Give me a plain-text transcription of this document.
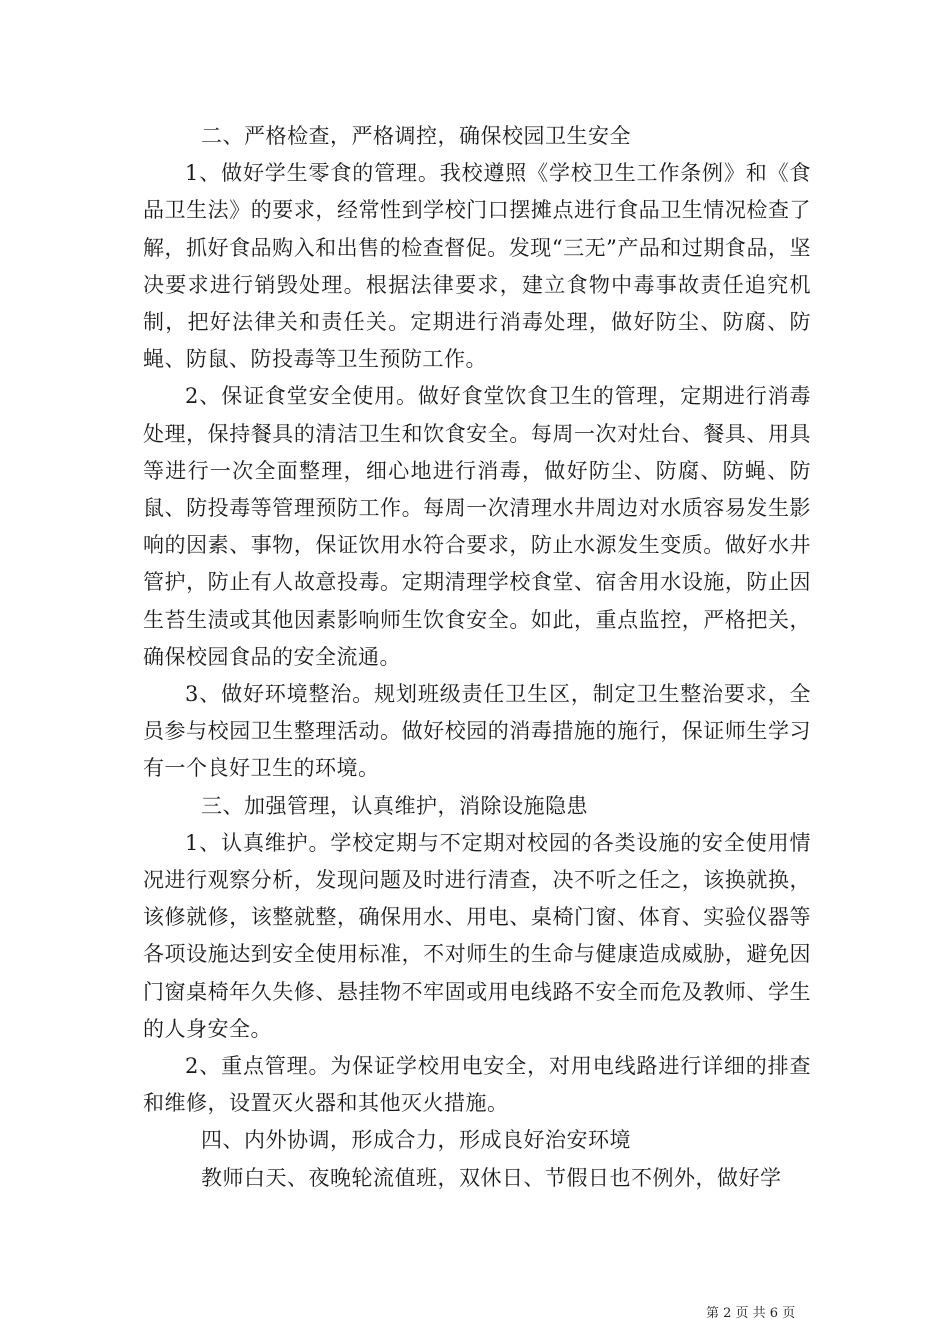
二、严格检查，严格调控，确保校园卫生安全

1、做好学生零食的管理。我校遵照《学校卫生工作条例》和《食品卫生法》的要求，经常性到学校门口摆摊点进行食品卫生情况检查了解，抓好食品购入和出售的检查督促。发现“三无”产品和过期食品，坚决要求进行销毁处理。根据法律要求，建立食物中毒事故责任追究机制，把好法律关和责任关。定期进行消毒处理，做好防尘、防腐、防蝇、防鼠、防投毒等卫生预防工作。

2、保证食堂安全使用。做好食堂饮食卫生的管理，定期进行消毒处理，保持餐具的清洁卫生和饮食安全。每周一次对灶台、餐具、用具等进行一次全面整理，细心地进行消毒，做好防尘、防腐、防蝇、防鼠、防投毒等管理预防工作。每周一次清理水井周边对水质容易发生影响的因素、事物，保证饮用水符合要求，防止水源发生变质。做好水井管护，防止有人故意投毒。定期清理学校食堂、宿舍用水设施，防止因生苔生渍或其他因素影响师生饮食安全。如此，重点监控，严格把关，确保校园食品的安全流通。

3、做好环境整治。规划班级责任卫生区，制定卫生整治要求，全员参与校园卫生整理活动。做好校园的消毒措施的施行，保证师生学习有一个良好卫生的环境。

三、加强管理，认真维护，消除设施隐患

1、认真维护。学校定期与不定期对校园的各类设施的安全使用情况进行观察分析，发现问题及时进行清查，决不听之任之，该换就换，该修就修，该整就整，确保用水、用电、桌椅门窗、体育、实验仪器等各项设施达到安全使用标准，不对师生的生命与健康造成威胁，避免因门窗桌椅年久失修、悬挂物不牢固或用电线路不安全而危及教师、学生的人身安全。

2、重点管理。为保证学校用电安全，对用电线路进行详细的排查和维修，设置灭火器和其他灭火措施。

四、内外协调，形成合力，形成良好治安环境

教师白天、夜晚轮流值班，双休日、节假日也不例外，做好学

第 2 页 共 6 页
